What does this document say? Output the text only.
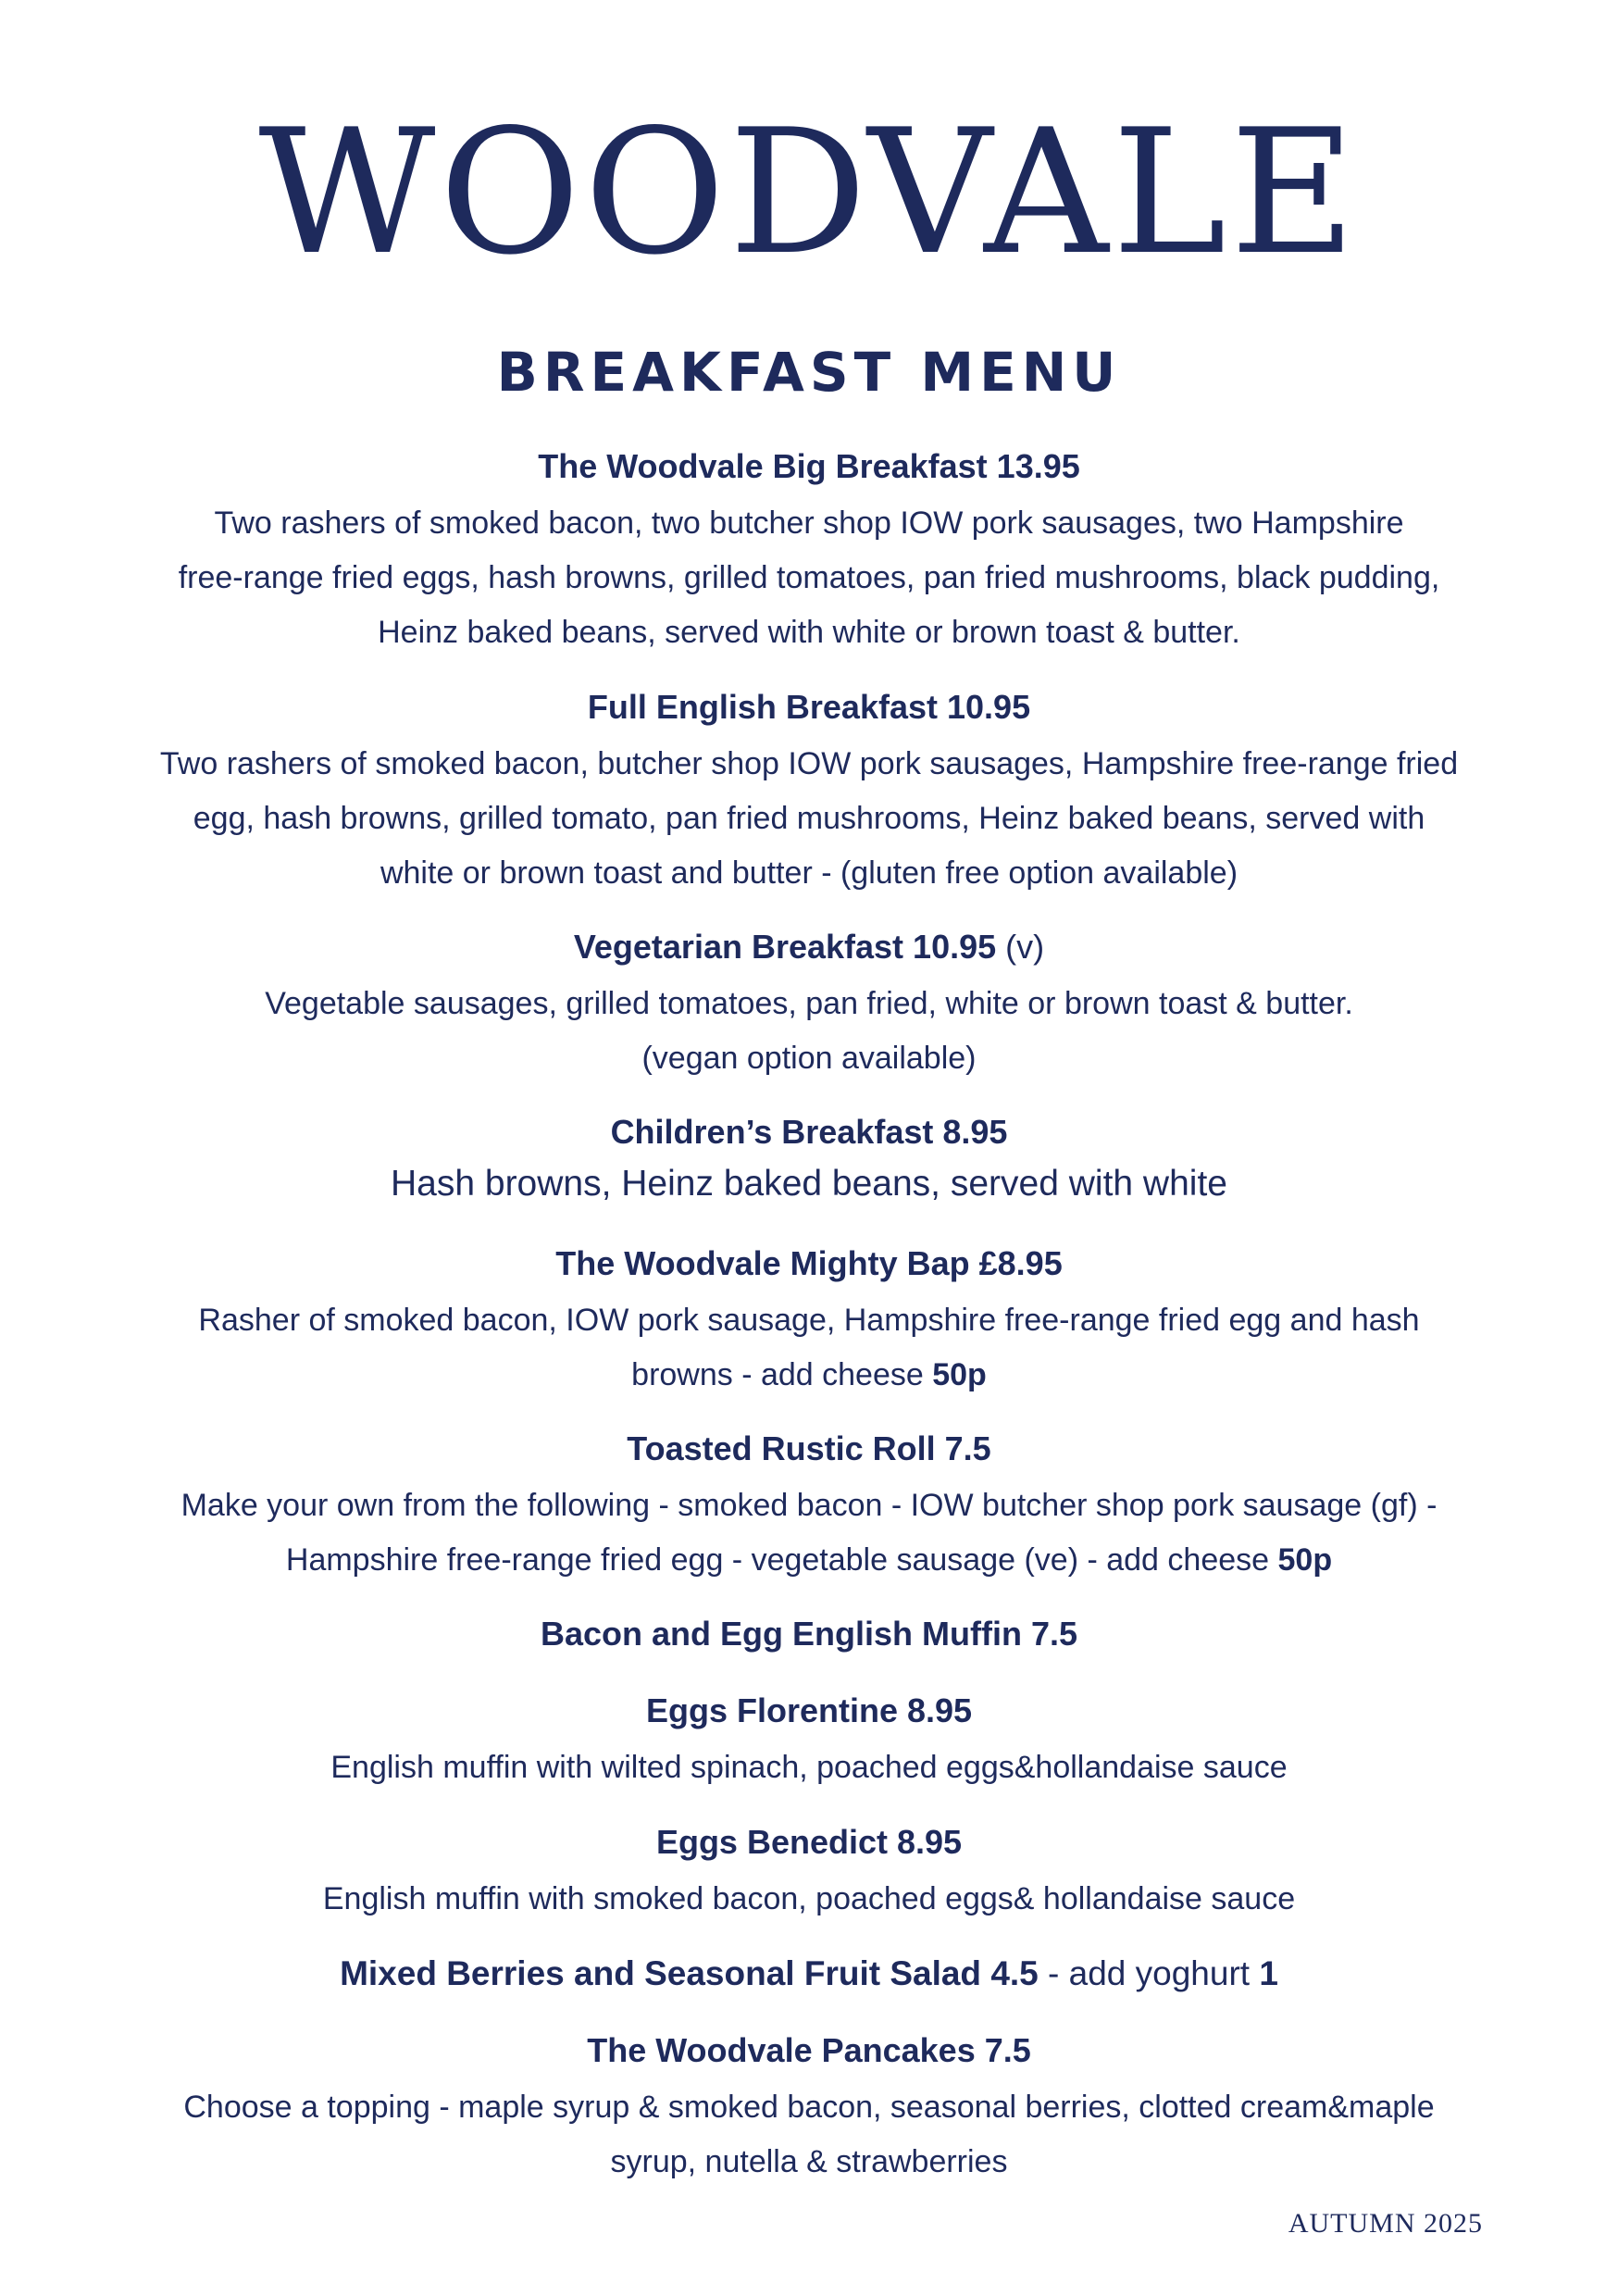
WOODVALE
BREAKFAST MENU
The Woodvale Big Breakfast 13.95
Two rashers of smoked bacon, two butcher shop IOW pork sausages, two Hampshire
free-range fried eggs, hash browns, grilled tomatoes, pan fried mushrooms, black pudding,
Heinz baked beans, served with white or brown toast & butter.
Full English Breakfast 10.95
Two rashers of smoked bacon, butcher shop IOW pork sausages, Hampshire free-range fried
egg, hash browns, grilled tomato, pan fried mushrooms, Heinz baked beans, served with
white or brown toast and butter - (gluten free option available)
Vegetarian Breakfast 10.95 (v)
Vegetable sausages, grilled tomatoes, pan fried, white or brown toast & butter.
(vegan option available)
Children’s Breakfast 8.95
Hash browns, Heinz baked beans, served with white
The Woodvale Mighty Bap £8.95
Rasher of smoked bacon, IOW pork sausage, Hampshire free-range fried egg and hash
browns - add cheese 50p
Toasted Rustic Roll 7.5
Make your own from the following - smoked bacon - IOW butcher shop pork sausage (gf) -
Hampshire free-range fried egg - vegetable sausage (ve) - add cheese 50p
Bacon and Egg English Muffin 7.5
Eggs Florentine 8.95
English muffin with wilted spinach, poached eggs&hollandaise sauce
Eggs Benedict 8.95
English muffin with smoked bacon, poached eggs& hollandaise sauce
Mixed Berries and Seasonal Fruit Salad 4.5 - add yoghurt 1
The Woodvale Pancakes 7.5
Choose a topping - maple syrup & smoked bacon, seasonal berries, clotted cream&maple
syrup, nutella & strawberries
AUTUMN 2025
